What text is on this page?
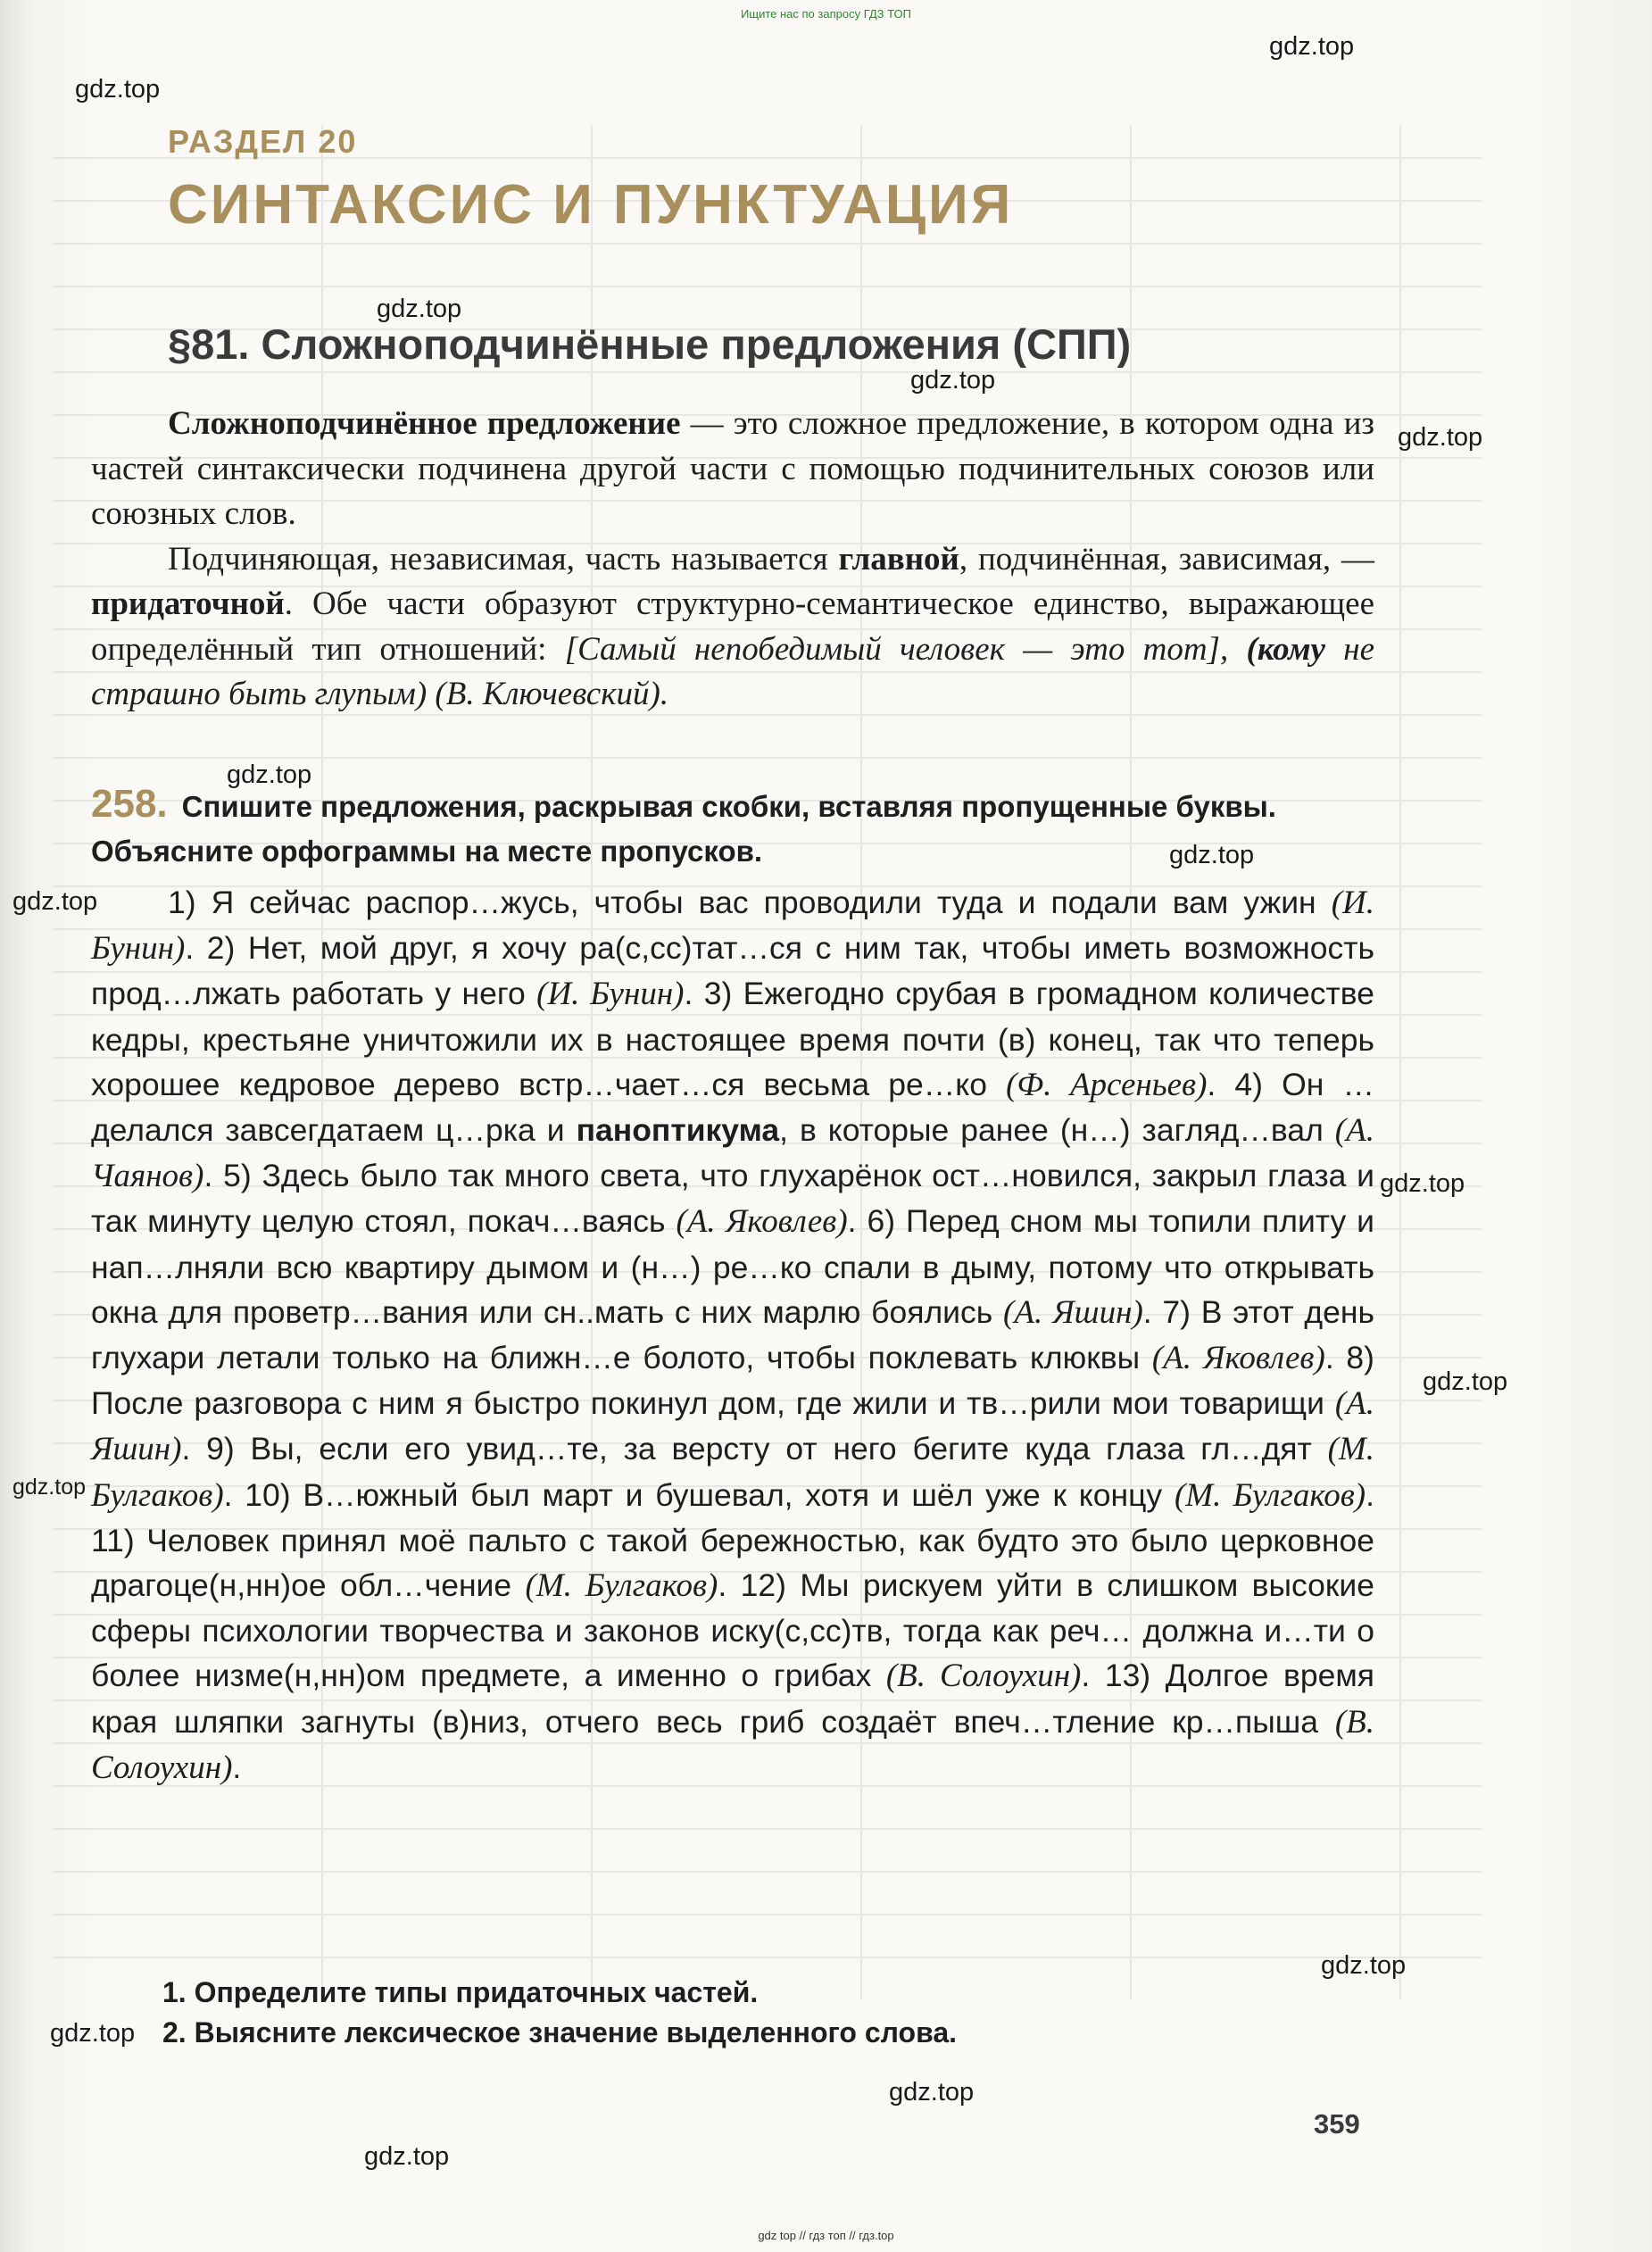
Ищите нас по запросу ГДЗ ТОП
gdz.top
gdz.top
gdz.top
gdz.top
gdz.top
gdz.top
gdz.top
gdz.top
gdz.top
gdz.top
gdz.top
gdz.top
gdz.top
gdz.top
gdz.top
РАЗДЕЛ 20
СИНТАКСИС И ПУНКТУАЦИЯ
§81. Сложноподчинённые предложения (СПП)

Сложноподчинённое предложение — это сложное предложение, в котором одна из частей синтаксически подчинена другой части с помощью подчинительных союзов или союзных слов.

Подчиняющая, независимая, часть называется главной, подчинённая, зависимая, — придаточной. Обе части образуют структурно-семантическое единство, выражающее определённый тип отношений: [Самый непобедимый человек — это тот], (кому не страшно быть глупым) (В. Ключевский).

258. Спишите предложения, раскрывая скобки, вставляя пропущенные буквы. Объясните орфограммы на месте пропусков.
1) Я сейчас распор…жусь, чтобы вас проводили туда и подали вам ужин (И. Бунин). 2) Нет, мой друг, я хочу ра(с,сс)тат…ся с ним так, чтобы иметь возможность прод…лжать работать у него (И. Бунин). 3) Ежегодно срубая в громадном количестве кедры, крестьяне уничтожили их в настоящее время почти (в) конец, так что теперь хорошее кедровое дерево встр…чает…ся весьма ре…ко (Ф. Арсеньев). 4) Он …делался завсегдатаем ц…рка и паноптикума, в которые ранее (н…) загляд…вал (А. Чаянов). 5) Здесь было так много света, что глухарёнок ост…новился, закрыл глаза и так минуту целую стоял, покач…ваясь (А. Яковлев). 6) Перед сном мы топили плиту и нап…лняли всю квартиру дымом и (н…) ре…ко спали в дыму, потому что открывать окна для проветр…вания или сн..мать с них марлю боялись (А. Яшин). 7) В этот день глухари летали только на ближн…е болото, чтобы поклевать клюквы (А. Яковлев). 8) После разговора с ним я быстро покинул дом, где жили и тв…рили мои товарищи (А. Яшин). 9) Вы, если его увид…те, за версту от него бегите куда глаза гл…дят (М. Булгаков). 10) В…южный был март и бушевал, хотя и шёл уже к концу (М. Булгаков). 11) Человек принял моё пальто с такой бережностью, как будто это было церковное драгоце(н,нн)ое обл…чение (М. Булгаков). 12) Мы рискуем уйти в слишком высокие сферы психологии творчества и законов иску(с,сс)тв, тогда как реч… должна и…ти о более низме(н,нн)ом предмете, а именно о грибах (В. Солоухин). 13) Долгое время края шляпки загнуты (в)низ, отчего весь гриб создаёт впеч…тление кр…пыша (В. Солоухин).
1. Определите типы придаточных частей.
2. Выясните лексическое значение выделенного слова.
359
gdz top // гдз топ // гдз.top
